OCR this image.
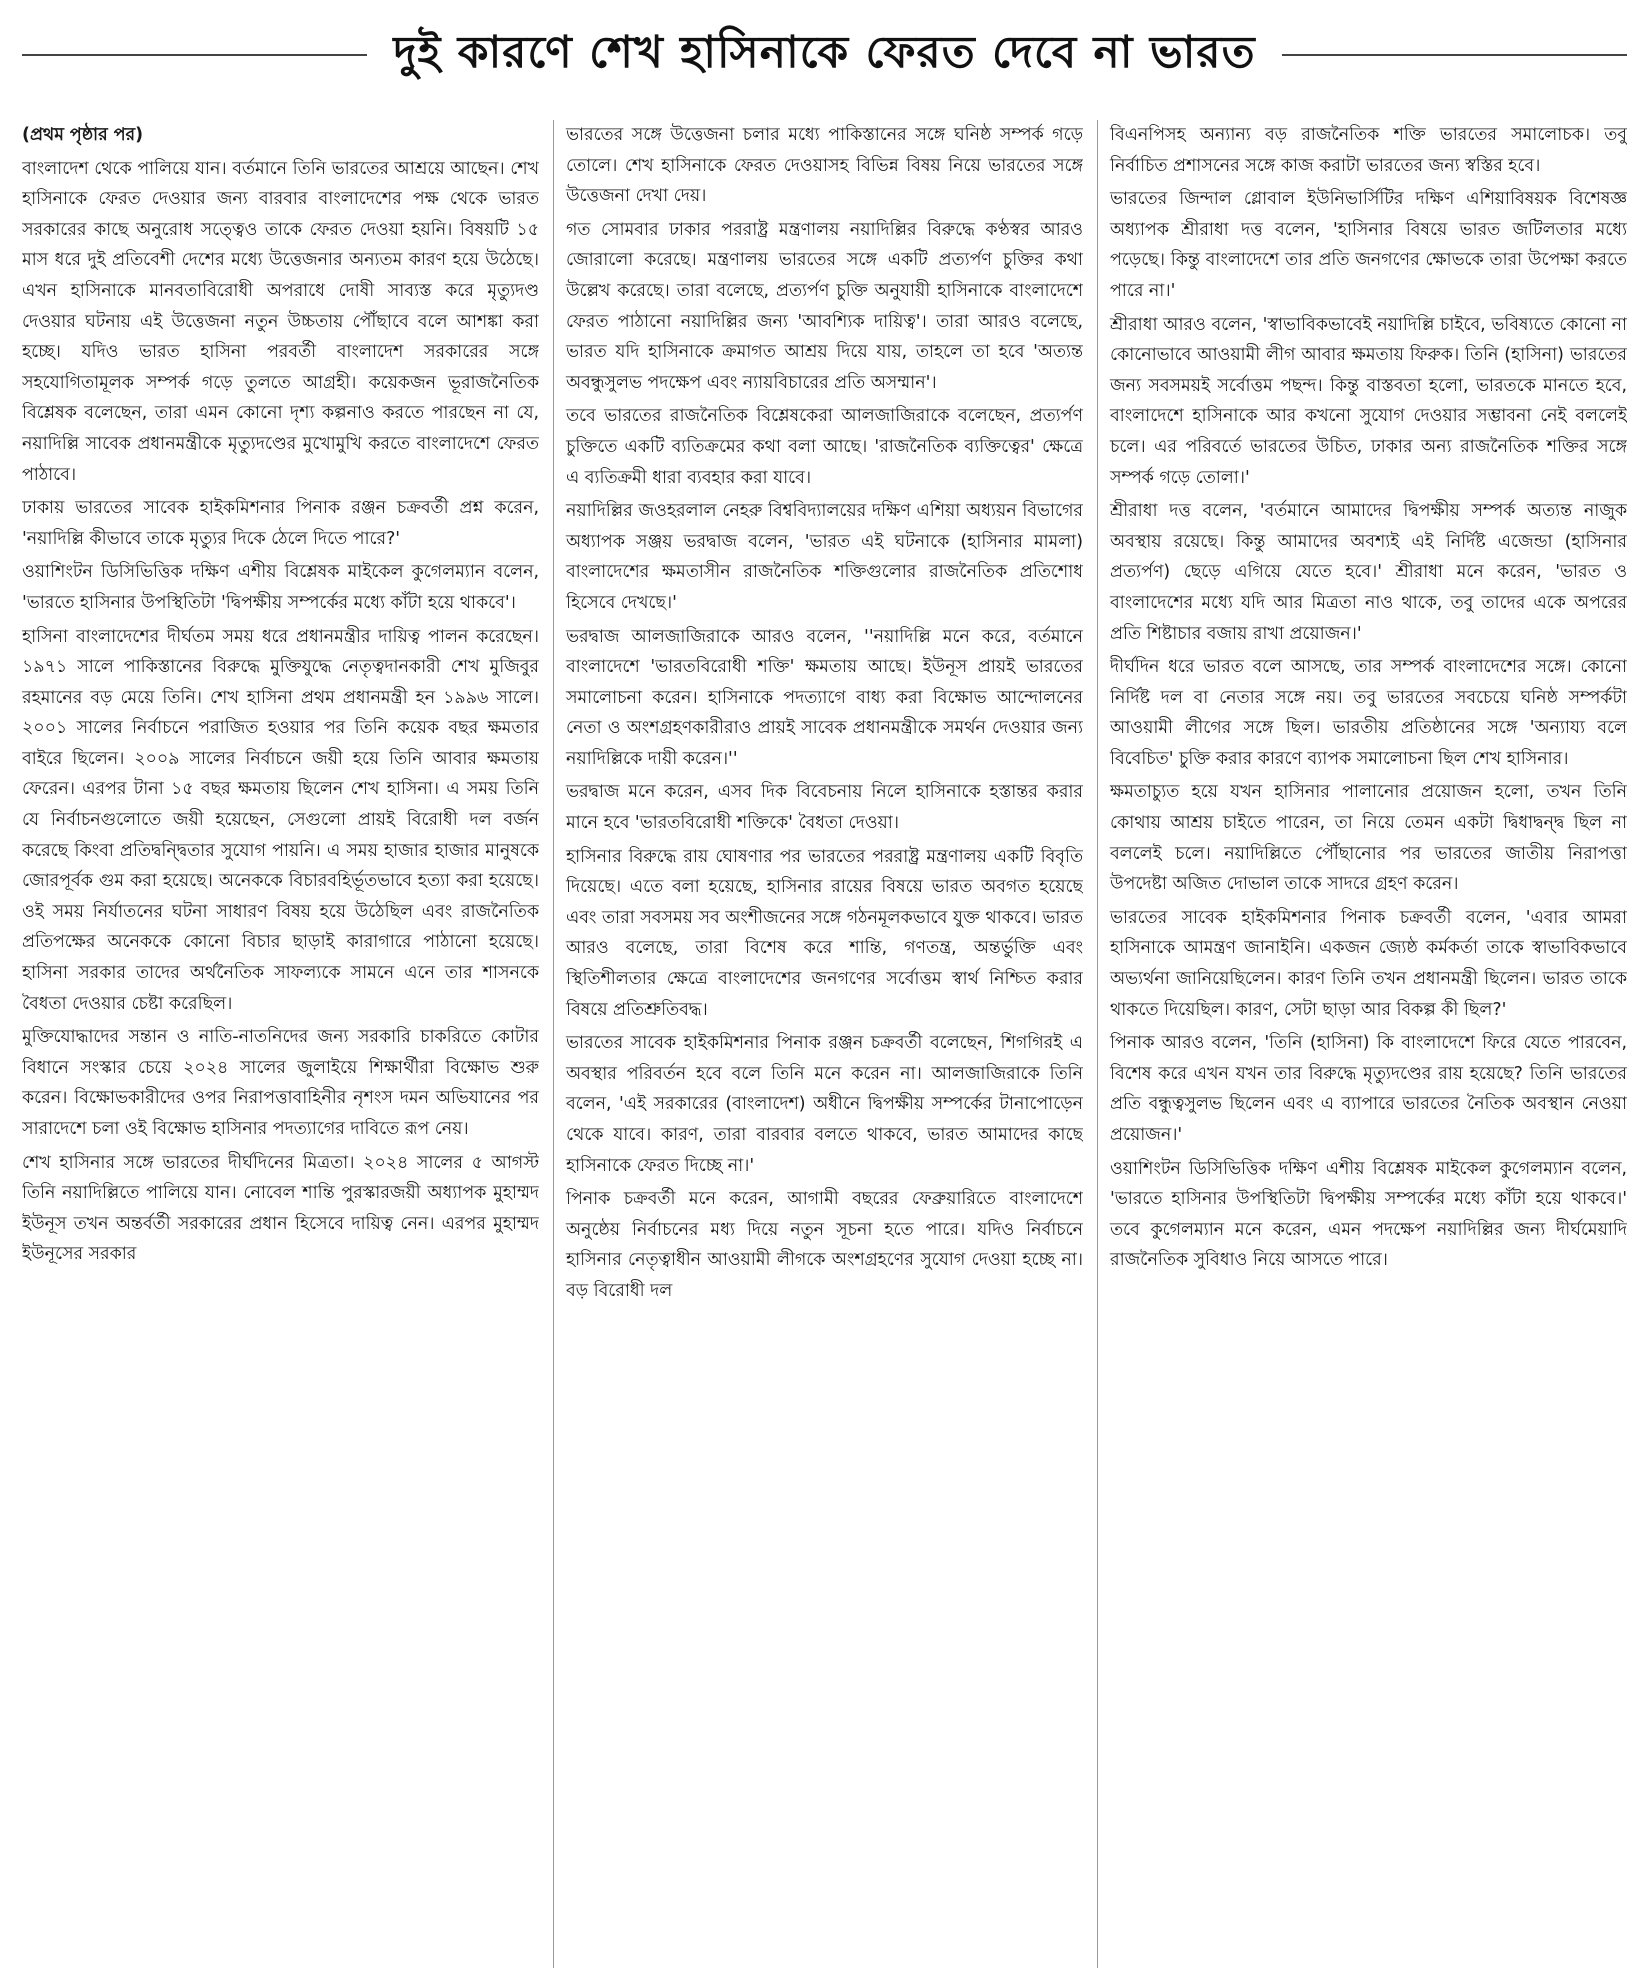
দুই কারণে শেখ হাসিনাকে ফেরত দেবে না ভারত

(প্রথম পৃষ্ঠার পর)

বাংলাদেশ থেকে পালিয়ে যান। বর্তমানে তিনি ভারতের আশ্রয়ে আছেন। শেখ হাসিনাকে ফেরত দেওয়ার জন্য বারবার বাংলাদেশের পক্ষ থেকে ভারত সরকারের কাছে অনুরোধ সত্ত্বেও তাকে ফেরত দেওয়া হয়নি। বিষয়টি ১৫ মাস ধরে দুই প্রতিবেশী দেশের মধ্যে উত্তেজনার অন্যতম কারণ হয়ে উঠেছে। এখন হাসিনাকে মানবতাবিরোধী অপরাধে দোষী সাব্যস্ত করে মৃত্যুদণ্ড দেওয়ার ঘটনায় এই উত্তেজনা নতুন উচ্চতায় পৌঁছাবে বলে আশঙ্কা করা হচ্ছে। যদিও ভারত হাসিনা পরবর্তী বাংলাদেশ সরকারের সঙ্গে সহযোগিতামূলক সম্পর্ক গড়ে তুলতে আগ্রহী। কয়েকজন ভূরাজনৈতিক বিশ্লেষক বলেছেন, তারা এমন কোনো দৃশ্য কল্পনাও করতে পারছেন না যে, নয়াদিল্লি সাবেক প্রধানমন্ত্রীকে মৃত্যুদণ্ডের মুখোমুখি করতে বাংলাদেশে ফেরত পাঠাবে।

ঢাকায় ভারতের সাবেক হাইকমিশনার পিনাক রঞ্জন চক্রবর্তী প্রশ্ন করেন, 'নয়াদিল্লি কীভাবে তাকে মৃত্যুর দিকে ঠেলে দিতে পারে?'

ওয়াশিংটন ডিসিভিত্তিক দক্ষিণ এশীয় বিশ্লেষক মাইকেল কুগেলম্যান বলেন, 'ভারতে হাসিনার উপস্থিতিটা 'দ্বিপক্ষীয় সম্পর্কের মধ্যে কাঁটা হয়ে থাকবে'।

হাসিনা বাংলাদেশের দীর্ঘতম সময় ধরে প্রধানমন্ত্রীর দায়িত্ব পালন করেছেন। ১৯৭১ সালে পাকিস্তানের বিরুদ্ধে মুক্তিযুদ্ধে নেতৃত্বদানকারী শেখ মুজিবুর রহমানের বড় মেয়ে তিনি। শেখ হাসিনা প্রথম প্রধানমন্ত্রী হন ১৯৯৬ সালে। ২০০১ সালের নির্বাচনে পরাজিত হওয়ার পর তিনি কয়েক বছর ক্ষমতার বাইরে ছিলেন। ২০০৯ সালের নির্বাচনে জয়ী হয়ে তিনি আবার ক্ষমতায় ফেরেন। এরপর টানা ১৫ বছর ক্ষমতায় ছিলেন শেখ হাসিনা। এ সময় তিনি যে নির্বাচনগুলোতে জয়ী হয়েছেন, সেগুলো প্রায়ই বিরোধী দল বর্জন করেছে কিংবা প্রতিদ্বন্দ্বিতার সুযোগ পায়নি। এ সময় হাজার হাজার মানুষকে জোরপূর্বক গুম করা হয়েছে। অনেককে বিচারবহির্ভূতভাবে হত্যা করা হয়েছে। ওই সময় নির্যাতনের ঘটনা সাধারণ বিষয় হয়ে উঠেছিল এবং রাজনৈতিক প্রতিপক্ষের অনেককে কোনো বিচার ছাড়াই কারাগারে পাঠানো হয়েছে। হাসিনা সরকার তাদের অর্থনৈতিক সাফল্যকে সামনে এনে তার শাসনকে বৈধতা দেওয়ার চেষ্টা করেছিল।

মুক্তিযোদ্ধাদের সন্তান ও নাতি-নাতনিদের জন্য সরকারি চাকরিতে কোটার বিধানে সংস্কার চেয়ে ২০২৪ সালের জুলাইয়ে শিক্ষার্থীরা বিক্ষোভ শুরু করেন। বিক্ষোভকারীদের ওপর নিরাপত্তাবাহিনীর নৃশংস দমন অভিযানের পর সারাদেশে চলা ওই বিক্ষোভ হাসিনার পদত্যাগের দাবিতে রূপ নেয়।

শেখ হাসিনার সঙ্গে ভারতের দীর্ঘদিনের মিত্রতা। ২০২৪ সালের ৫ আগস্ট তিনি নয়াদিল্লিতে পালিয়ে যান। নোবেল শান্তি পুরস্কারজয়ী অধ্যাপক মুহাম্মদ ইউনূস তখন অন্তর্বর্তী সরকারের প্রধান হিসেবে দায়িত্ব নেন। এরপর মুহাম্মদ ইউনূসের সরকার

ভারতের সঙ্গে উত্তেজনা চলার মধ্যে পাকিস্তানের সঙ্গে ঘনিষ্ঠ সম্পর্ক গড়ে তোলে। শেখ হাসিনাকে ফেরত দেওয়াসহ বিভিন্ন বিষয় নিয়ে ভারতের সঙ্গে উত্তেজনা দেখা দেয়।

গত সোমবার ঢাকার পররাষ্ট্র মন্ত্রণালয় নয়াদিল্লির বিরুদ্ধে কণ্ঠস্বর আরও জোরালো করেছে। মন্ত্রণালয় ভারতের সঙ্গে একটি প্রত্যর্পণ চুক্তির কথা উল্লেখ করেছে। তারা বলেছে, প্রত্যর্পণ চুক্তি অনুযায়ী হাসিনাকে বাংলাদেশে ফেরত পাঠানো নয়াদিল্লির জন্য 'আবশ্যিক দায়িত্ব'। তারা আরও বলেছে, ভারত যদি হাসিনাকে ক্রমাগত আশ্রয় দিয়ে যায়, তাহলে তা হবে 'অত্যন্ত অবন্ধুসুলভ পদক্ষেপ এবং ন্যায়বিচারের প্রতি অসম্মান'।

তবে ভারতের রাজনৈতিক বিশ্লেষকেরা আলজাজিরাকে বলেছেন, প্রত্যর্পণ চুক্তিতে একটি ব্যতিক্রমের কথা বলা আছে। 'রাজনৈতিক ব্যক্তিত্বের' ক্ষেত্রে এ ব্যতিক্রমী ধারা ব্যবহার করা যাবে।

নয়াদিল্লির জওহরলাল নেহরু বিশ্ববিদ্যালয়ের দক্ষিণ এশিয়া অধ্যয়ন বিভাগের অধ্যাপক সঞ্জয় ভরদ্বাজ বলেন, 'ভারত এই ঘটনাকে (হাসিনার মামলা) বাংলাদেশের ক্ষমতাসীন রাজনৈতিক শক্তিগুলোর রাজনৈতিক প্রতিশোধ হিসেবে দেখছে।'

ভরদ্বাজ আলজাজিরাকে আরও বলেন, ''নয়াদিল্লি মনে করে, বর্তমানে বাংলাদেশে 'ভারতবিরোধী শক্তি' ক্ষমতায় আছে। ইউনূস প্রায়ই ভারতের সমালোচনা করেন। হাসিনাকে পদত্যাগে বাধ্য করা বিক্ষোভ আন্দোলনের নেতা ও অংশগ্রহণকারীরাও প্রায়ই সাবেক প্রধানমন্ত্রীকে সমর্থন দেওয়ার জন্য নয়াদিল্লিকে দায়ী করেন।''

ভরদ্বাজ মনে করেন, এসব দিক বিবেচনায় নিলে হাসিনাকে হস্তান্তর করার মানে হবে 'ভারতবিরোধী শক্তিকে' বৈধতা দেওয়া।

হাসিনার বিরুদ্ধে রায় ঘোষণার পর ভারতের পররাষ্ট্র মন্ত্রণালয় একটি বিবৃতি দিয়েছে। এতে বলা হয়েছে, হাসিনার রায়ের বিষয়ে ভারত অবগত হয়েছে এবং তারা সবসময় সব অংশীজনের সঙ্গে গঠনমূলকভাবে যুক্ত থাকবে। ভারত আরও বলেছে, তারা বিশেষ করে শান্তি, গণতন্ত্র, অন্তর্ভুক্তি এবং স্থিতিশীলতার ক্ষেত্রে বাংলাদেশের জনগণের সর্বোত্তম স্বার্থ নিশ্চিত করার বিষয়ে প্রতিশ্রুতিবদ্ধ।

ভারতের সাবেক হাইকমিশনার পিনাক রঞ্জন চক্রবর্তী বলেছেন, শিগগিরই এ অবস্থার পরিবর্তন হবে বলে তিনি মনে করেন না। আলজাজিরাকে তিনি বলেন, 'এই সরকারের (বাংলাদেশ) অধীনে দ্বিপক্ষীয় সম্পর্কের টানাপোড়েন থেকে যাবে। কারণ, তারা বারবার বলতে থাকবে, ভারত আমাদের কাছে হাসিনাকে ফেরত দিচ্ছে না।'

পিনাক চক্রবর্তী মনে করেন, আগামী বছরের ফেব্রুয়ারিতে বাংলাদেশে অনুষ্ঠেয় নির্বাচনের মধ্য দিয়ে নতুন সূচনা হতে পারে। যদিও নির্বাচনে হাসিনার নেতৃত্বাধীন আওয়ামী লীগকে অংশগ্রহণের সুযোগ দেওয়া হচ্ছে না। বড় বিরোধী দল

বিএনপিসহ অন্যান্য বড় রাজনৈতিক শক্তি ভারতের সমালোচক। তবু নির্বাচিত প্রশাসনের সঙ্গে কাজ করাটা ভারতের জন্য স্বস্তির হবে।

ভারতের জিন্দাল গ্লোবাল ইউনিভার্সিটির দক্ষিণ এশিয়াবিষয়ক বিশেষজ্ঞ অধ্যাপক শ্রীরাধা দত্ত বলেন, 'হাসিনার বিষয়ে ভারত জটিলতার মধ্যে পড়েছে। কিন্তু বাংলাদেশে তার প্রতি জনগণের ক্ষোভকে তারা উপেক্ষা করতে পারে না।'

শ্রীরাধা আরও বলেন, 'স্বাভাবিকভাবেই নয়াদিল্লি চাইবে, ভবিষ্যতে কোনো না কোনোভাবে আওয়ামী লীগ আবার ক্ষমতায় ফিরুক। তিনি (হাসিনা) ভারতের জন্য সবসময়ই সর্বোত্তম পছন্দ। কিন্তু বাস্তবতা হলো, ভারতকে মানতে হবে, বাংলাদেশে হাসিনাকে আর কখনো সুযোগ দেওয়ার সম্ভাবনা নেই বললেই চলে। এর পরিবর্তে ভারতের উচিত, ঢাকার অন্য রাজনৈতিক শক্তির সঙ্গে সম্পর্ক গড়ে তোলা।'

শ্রীরাধা দত্ত বলেন, 'বর্তমানে আমাদের দ্বিপক্ষীয় সম্পর্ক অত্যন্ত নাজুক অবস্থায় রয়েছে। কিন্তু আমাদের অবশ্যই এই নির্দিষ্ট এজেন্ডা (হাসিনার প্রত্যর্পণ) ছেড়ে এগিয়ে যেতে হবে।' শ্রীরাধা মনে করেন, 'ভারত ও বাংলাদেশের মধ্যে যদি আর মিত্রতা নাও থাকে, তবু তাদের একে অপরের প্রতি শিষ্টাচার বজায় রাখা প্রয়োজন।'

দীর্ঘদিন ধরে ভারত বলে আসছে, তার সম্পর্ক বাংলাদেশের সঙ্গে। কোনো নির্দিষ্ট দল বা নেতার সঙ্গে নয়। তবু ভারতের সবচেয়ে ঘনিষ্ঠ সম্পর্কটা আওয়ামী লীগের সঙ্গে ছিল। ভারতীয় প্রতিষ্ঠানের সঙ্গে 'অন্যায্য বলে বিবেচিত' চুক্তি করার কারণে ব্যাপক সমালোচনা ছিল শেখ হাসিনার।

ক্ষমতাচ্যুত হয়ে যখন হাসিনার পালানোর প্রয়োজন হলো, তখন তিনি কোথায় আশ্রয় চাইতে পারেন, তা নিয়ে তেমন একটা দ্বিধাদ্বন্দ্ব ছিল না বললেই চলে। নয়াদিল্লিতে পৌঁছানোর পর ভারতের জাতীয় নিরাপত্তা উপদেষ্টা অজিত দোভাল তাকে সাদরে গ্রহণ করেন।

ভারতের সাবেক হাইকমিশনার পিনাক চক্রবর্তী বলেন, 'এবার আমরা হাসিনাকে আমন্ত্রণ জানাইনি। একজন জ্যেষ্ঠ কর্মকর্তা তাকে স্বাভাবিকভাবে অভ্যর্থনা জানিয়েছিলেন। কারণ তিনি তখন প্রধানমন্ত্রী ছিলেন। ভারত তাকে থাকতে দিয়েছিল। কারণ, সেটা ছাড়া আর বিকল্প কী ছিল?'

পিনাক আরও বলেন, 'তিনি (হাসিনা) কি বাংলাদেশে ফিরে যেতে পারবেন, বিশেষ করে এখন যখন তার বিরুদ্ধে মৃত্যুদণ্ডের রায় হয়েছে? তিনি ভারতের প্রতি বন্ধুত্বসুলভ ছিলেন এবং এ ব্যাপারে ভারতের নৈতিক অবস্থান নেওয়া প্রয়োজন।'

ওয়াশিংটন ডিসিভিত্তিক দক্ষিণ এশীয় বিশ্লেষক মাইকেল কুগেলম্যান বলেন, 'ভারতে হাসিনার উপস্থিতিটা দ্বিপক্ষীয় সম্পর্কের মধ্যে কাঁটা হয়ে থাকবে।' তবে কুগেলম্যান মনে করেন, এমন পদক্ষেপ নয়াদিল্লির জন্য দীর্ঘমেয়াদি রাজনৈতিক সুবিধাও নিয়ে আসতে পারে।
